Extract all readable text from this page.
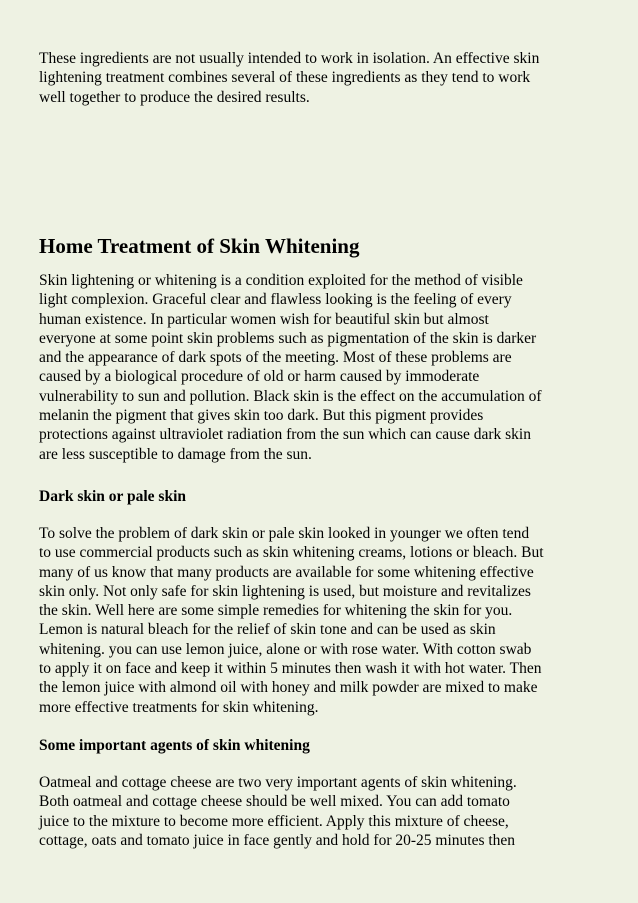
These ingredients are not usually intended to work in isolation. An effective skin
lightening treatment combines several of these ingredients as they tend to work
well together to produce the desired results.

Home Treatment of Skin Whitening

Skin lightening or whitening is a condition exploited for the method of visible
light complexion. Graceful clear and flawless looking is the feeling of every
human existence. In particular women wish for beautiful skin but almost
everyone at some point skin problems such as pigmentation of the skin is darker
and the appearance of dark spots of the meeting. Most of these problems are
caused by a biological procedure of old or harm caused by immoderate
vulnerability to sun and pollution. Black skin is the effect on the accumulation of
melanin the pigment that gives skin too dark. But this pigment provides
protections against ultraviolet radiation from the sun which can cause dark skin
are less susceptible to damage from the sun.

Dark skin or pale skin

To solve the problem of dark skin or pale skin looked in younger we often tend
to use commercial products such as skin whitening creams, lotions or bleach. But
many of us know that many products are available for some whitening effective
skin only. Not only safe for skin lightening is used, but moisture and revitalizes
the skin. Well here are some simple remedies for whitening the skin for you.
Lemon is natural bleach for the relief of skin tone and can be used as skin
whitening. you can use lemon juice, alone or with rose water. With cotton swab
to apply it on face and keep it within 5 minutes then wash it with hot water. Then
the lemon juice with almond oil with honey and milk powder are mixed to make
more effective treatments for skin whitening.

Some important agents of skin whitening

Oatmeal and cottage cheese are two very important agents of skin whitening.
Both oatmeal and cottage cheese should be well mixed. You can add tomato
juice to the mixture to become more efficient. Apply this mixture of cheese,
cottage, oats and tomato juice in face gently and hold for 20-25 minutes then
